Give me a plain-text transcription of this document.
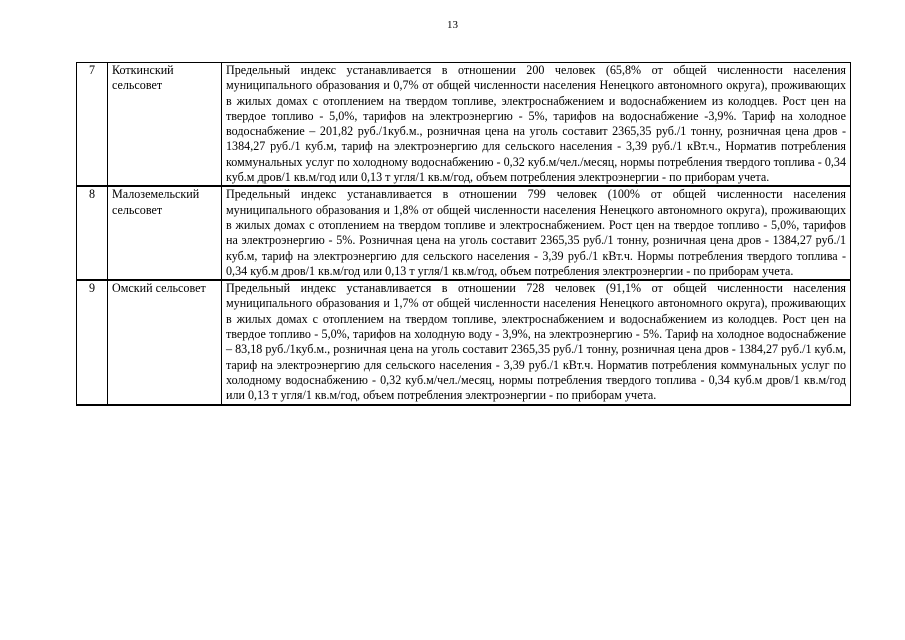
13
7	Коткинский сельсовет	Предельный индекс устанавливается в отношении 200 человек (65,8% от общей численности населения муниципального образования и 0,7% от общей численности населения Ненецкого автономного округа), проживающих в жилых домах с отоплением на твердом топливе, электроснабжением и водоснабжением из колодцев. Рост цен на твердое топливо - 5,0%, тарифов на электроэнергию - 5%, тарифов на водоснабжение -3,9%. Тариф на холодное водоснабжение – 201,82 руб./1куб.м., розничная цена на уголь составит 2365,35 руб./1 тонну, розничная цена дров - 1384,27 руб./1 куб.м, тариф на электроэнергию для сельского населения - 3,39 руб./1 кВт.ч., Норматив потребления коммунальных услуг по холодному водоснабжению - 0,32 куб.м/чел./месяц, нормы потребления твердого топлива - 0,34 куб.м дров/1 кв.м/год или 0,13 т угля/1 кв.м/год, объем потребления электроэнергии - по приборам учета.
8	Малоземельский сельсовет	Предельный индекс устанавливается в отношении 799 человек (100% от общей численности населения муниципального образования и 1,8% от общей численности населения Ненецкого автономного округа), проживающих в жилых домах с отоплением на твердом топливе и электроснабжением. Рост цен на твердое топливо - 5,0%, тарифов на электроэнергию - 5%. Розничная цена на уголь составит 2365,35 руб./1 тонну, розничная цена дров - 1384,27 руб./1 куб.м, тариф на электроэнергию для сельского населения - 3,39 руб./1 кВт.ч. Нормы потребления твердого топлива - 0,34 куб.м дров/1 кв.м/год или 0,13 т угля/1 кв.м/год, объем потребления электроэнергии - по приборам учета.
9	Омский сельсовет	Предельный индекс устанавливается в отношении 728 человек (91,1% от общей численности населения муниципального образования и 1,7% от общей численности населения Ненецкого автономного округа), проживающих в жилых домах с отоплением на твердом топливе, электроснабжением и водоснабжением из колодцев. Рост цен на твердое топливо - 5,0%, тарифов на холодную воду - 3,9%, на электроэнергию - 5%. Тариф на холодное водоснабжение – 83,18 руб./1куб.м., розничная цена на уголь составит 2365,35 руб./1 тонну, розничная цена дров - 1384,27 руб./1 куб.м, тариф на электроэнергию для сельского населения - 3,39 руб./1 кВт.ч. Норматив потребления коммунальных услуг по холодному водоснабжению - 0,32 куб.м/чел./месяц, нормы потребления твердого топлива - 0,34 куб.м дров/1 кв.м/год или 0,13 т угля/1 кв.м/год, объем потребления электроэнергии - по приборам учета.
